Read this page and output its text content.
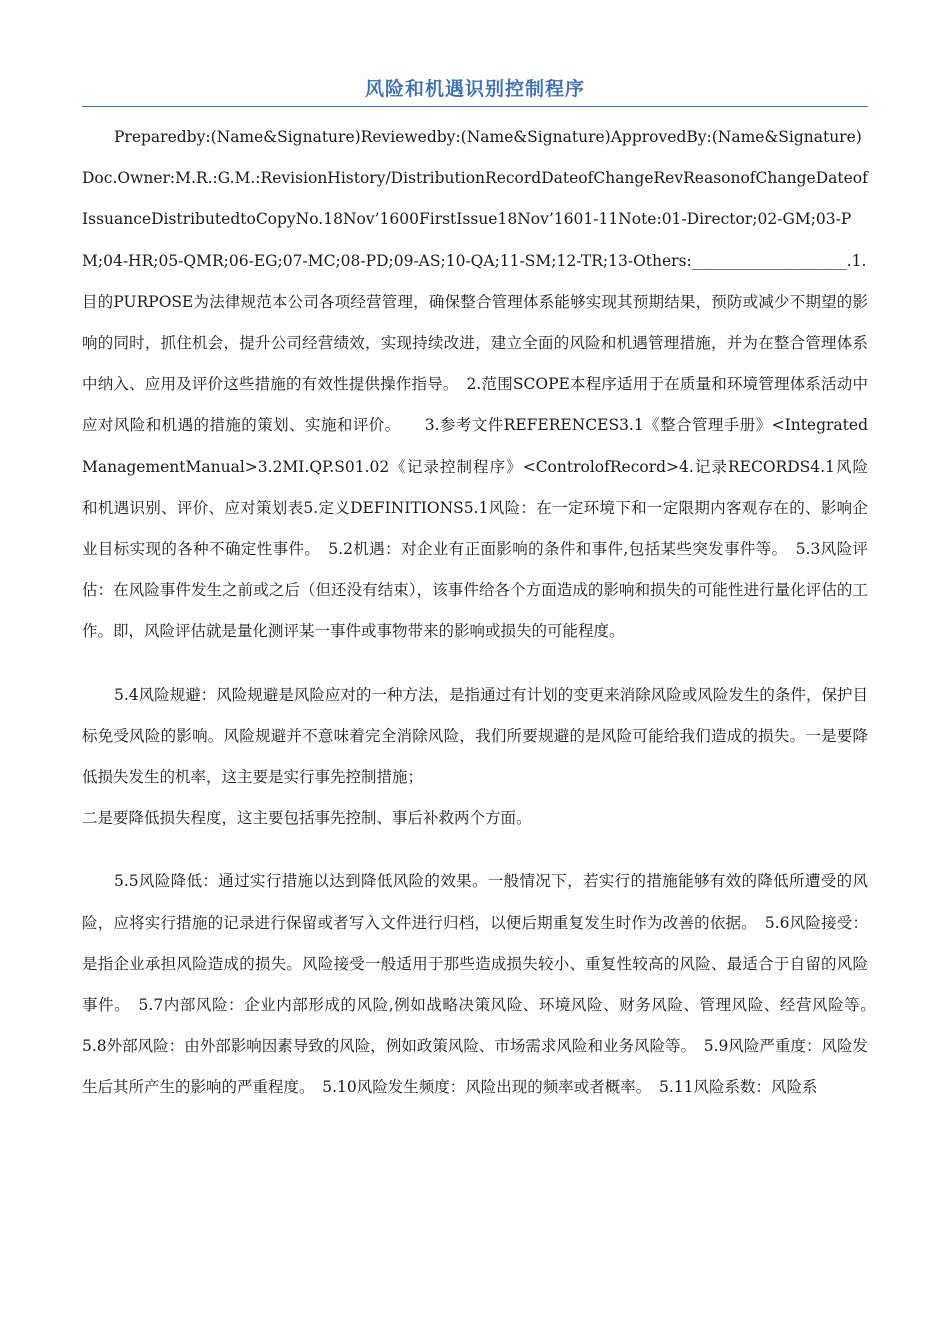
风险和机遇识别控制程序

Preparedby:(Name&Signature)Reviewedby:(Name&Signature)ApprovedBy:(Name&Signature)Doc.Owner:M.R.:G.M.:RevisionHistory/DistributionRecordDateofChangeRevReasonofChangeDateofIssuanceDistributedtoCopyNo.18Nov’1600FirstIssue18Nov’1601-11Note:01-Director;02-GM;03-PM;04-HR;05-QMR;06-EG;07-MC;08-PD;09-AS;10-QA;11-SM;12-TR;13-Others:____________________.1.目的PURPOSE为法律规范本公司各项经营管理，确保整合管理体系能够实现其预期结果，预防或减少不期望的影响的同时，抓住机会，提升公司经营绩效，实现持续改进，建立全面的风险和机遇管理措施，并为在整合管理体系中纳入、应用及评价这些措施的有效性提供操作指导。　2.范围SCOPE本程序适用于在质量和环境管理体系活动中应对风险和机遇的措施的策划、实施和评价。　　3.参考文件REFERENCES3.1《整合管理手册》<IntegratedManagementManual>3.2MI.QP.S01.02《记录控制程序》<ControlofRecord>4.记录RECORDS4.1风险和机遇识别、评价、应对策划表5.定义DEFINITIONS5.1风险：在一定环境下和一定限期内客观存在的、影响企业目标实现的各种不确定性事件。　5.2机遇：对企业有正面影响的条件和事件,包括某些突发事件等。　5.3风险评估：在风险事件发生之前或之后（但还没有结束），该事件给各个方面造成的影响和损失的可能性进行量化评估的工作。即，风险评估就是量化测评某一事件或事物带来的影响或损失的可能程度。

5.4风险规避：风险规避是风险应对的一种方法，是指通过有计划的变更来消除风险或风险发生的条件，保护目标免受风险的影响。风险规避并不意味着完全消除风险，我们所要规避的是风险可能给我们造成的损失。一是要降低损失发生的机率，这主要是实行事先控制措施；

二是要降低损失程度，这主要包括事先控制、事后补救两个方面。

5.5风险降低：通过实行措施以达到降低风险的效果。一般情况下，若实行的措施能够有效的降低所遭受的风险，应将实行措施的记录进行保留或者写入文件进行归档，以便后期重复发生时作为改善的依据。　5.6风险接受：是指企业承担风险造成的损失。风险接受一般适用于那些造成损失较小、重复性较高的风险、最适合于自留的风险事件。　5.7内部风险：企业内部形成的风险,例如战略决策风险、环境风险、财务风险、管理风险、经营风险等。　5.8外部风险：由外部影响因素导致的风险，例如政策风险、市场需求风险和业务风险等。　5.9风险严重度：风险发生后其所产生的影响的严重程度。　5.10风险发生频度：风险出现的频率或者概率。　5.11风险系数：风险系
